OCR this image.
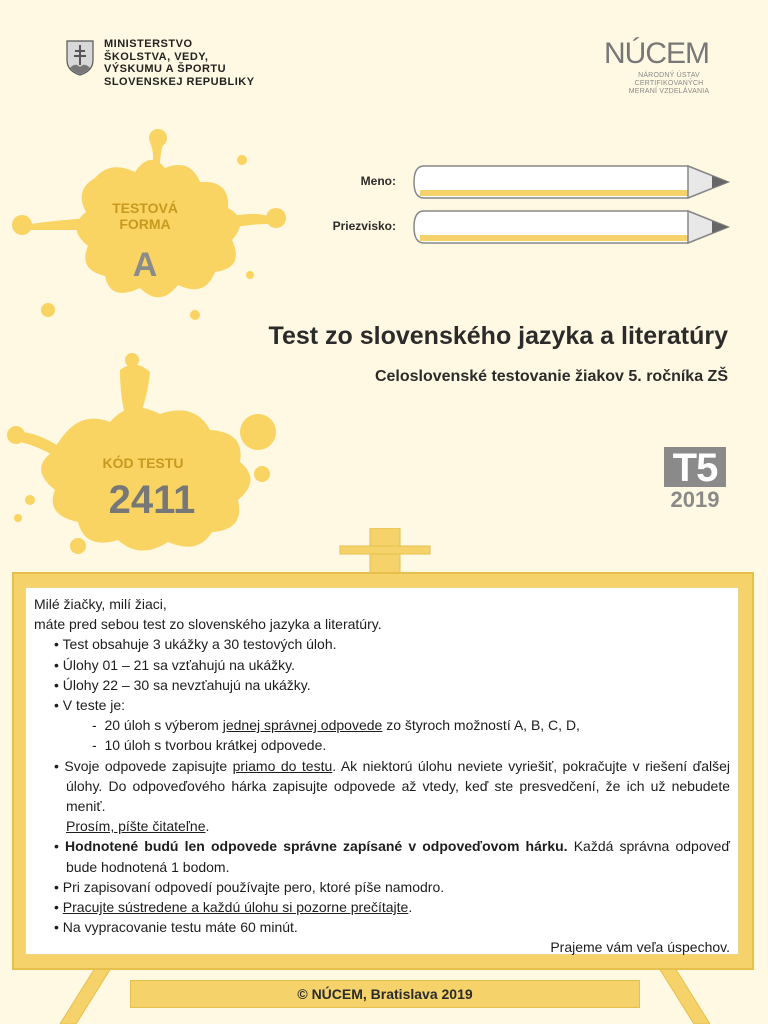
MINISTERSTVO
ŠKOLSTVA, VEDY,
VÝSKUMU A ŠPORTU
SLOVENSKEJ REPUBLIKY
NÚCEM
NÁRODNÝ ÚSTAV CERTIFIKOVANÝCH
MERANÍ VZDELÁVANIA
TESTOVÁ
FORMA
A
KÓD TESTU
2411
Meno:
Priezvisko:
Test zo slovenského jazyka a literatúry
Celoslovenské testovanie žiakov 5. ročníka ZŠ
T5
2019

Milé žiačky, milí žiaci,

máte pred sebou test zo slovenského jazyka a literatúry.

• Test obsahuje 3 ukážky a 30 testových úloh.

• Úlohy 01 – 21 sa vzťahujú na ukážky.

• Úlohy 22 – 30 sa nevzťahujú na ukážky.

• V teste je:

-  20 úloh s výberom jednej správnej odpovede zo štyroch možností A, B, C, D,

-  10 úloh s tvorbou krátkej odpovede.

• Svoje odpovede zapisujte priamo do testu. Ak niektorú úlohu neviete vyriešiť, pokračujte v riešení ďalšej úlohy. Do odpoveďového hárka zapisujte odpovede až vtedy, keď ste presvedčení, že ich už nebudete meniť.

Prosím, píšte čitateľne.

• Hodnotené budú len odpovede správne zapísané v odpoveďovom hárku. Každá správna odpoveď bude hodnotená 1 bodom.

• Pri zapisovaní odpovedí používajte pero, ktoré píše namodro.

• Pracujte sústredene a každú úlohu si pozorne prečítajte.

• Na vypracovanie testu máte 60 minút.

Prajeme vám veľa úspechov.

© NÚCEM, Bratislava 2019
